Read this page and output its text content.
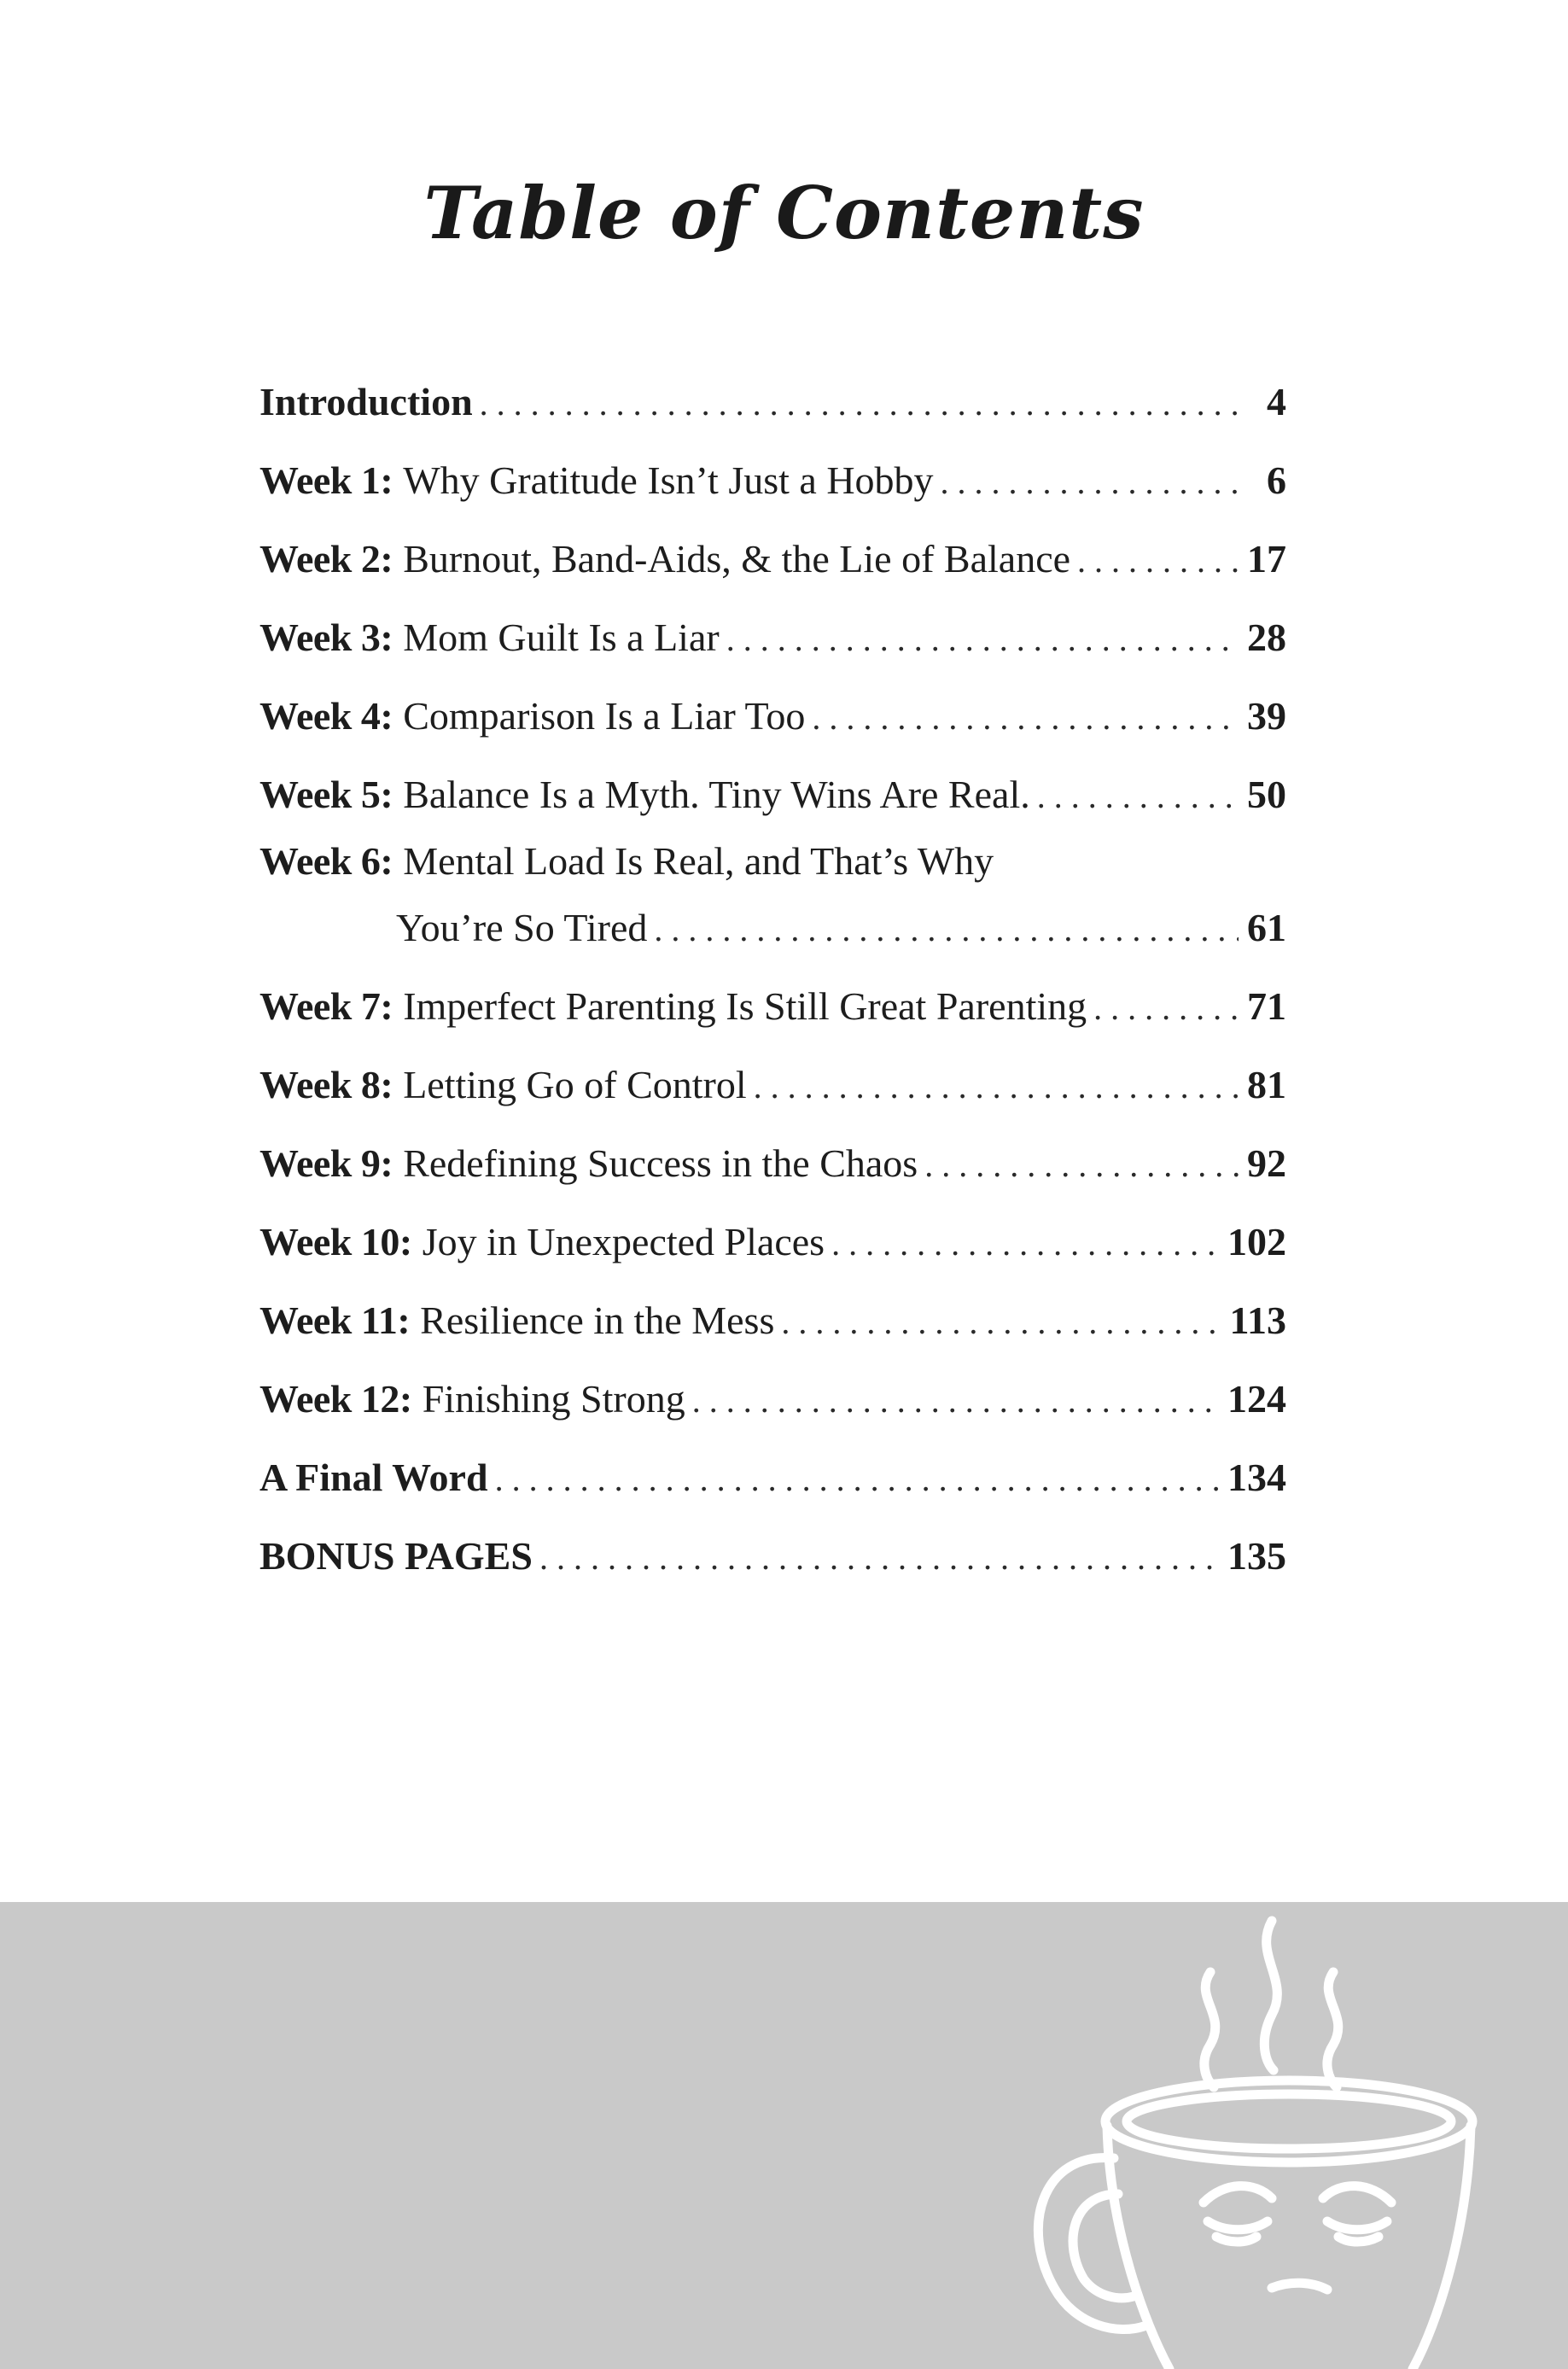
Table of Contents
Introduction . . .	4
Week 1: Why Gratitude Isn’t Just a Hobby . . .	6
Week 2: Burnout, Band-Aids, & the Lie of Balance . . .	17
Week 3: Mom Guilt Is a Liar . . .	28
Week 4: Comparison Is a Liar Too . . .	39
Week 5: Balance Is a Myth. Tiny Wins Are Real. . . .	50
Week 6: Mental Load Is Real, and That’s Why
You’re So Tired . . .	61
Week 7: Imperfect Parenting Is Still Great Parenting . . .	71
Week 8: Letting Go of Control . . .	81
Week 9: Redefining Success in the Chaos . . .	92
Week 10: Joy in Unexpected Places . . .	102
Week 11: Resilience in the Mess . . .	113
Week 12: Finishing Strong . . .	124
A Final Word . . .	134
BONUS PAGES . . .	135
